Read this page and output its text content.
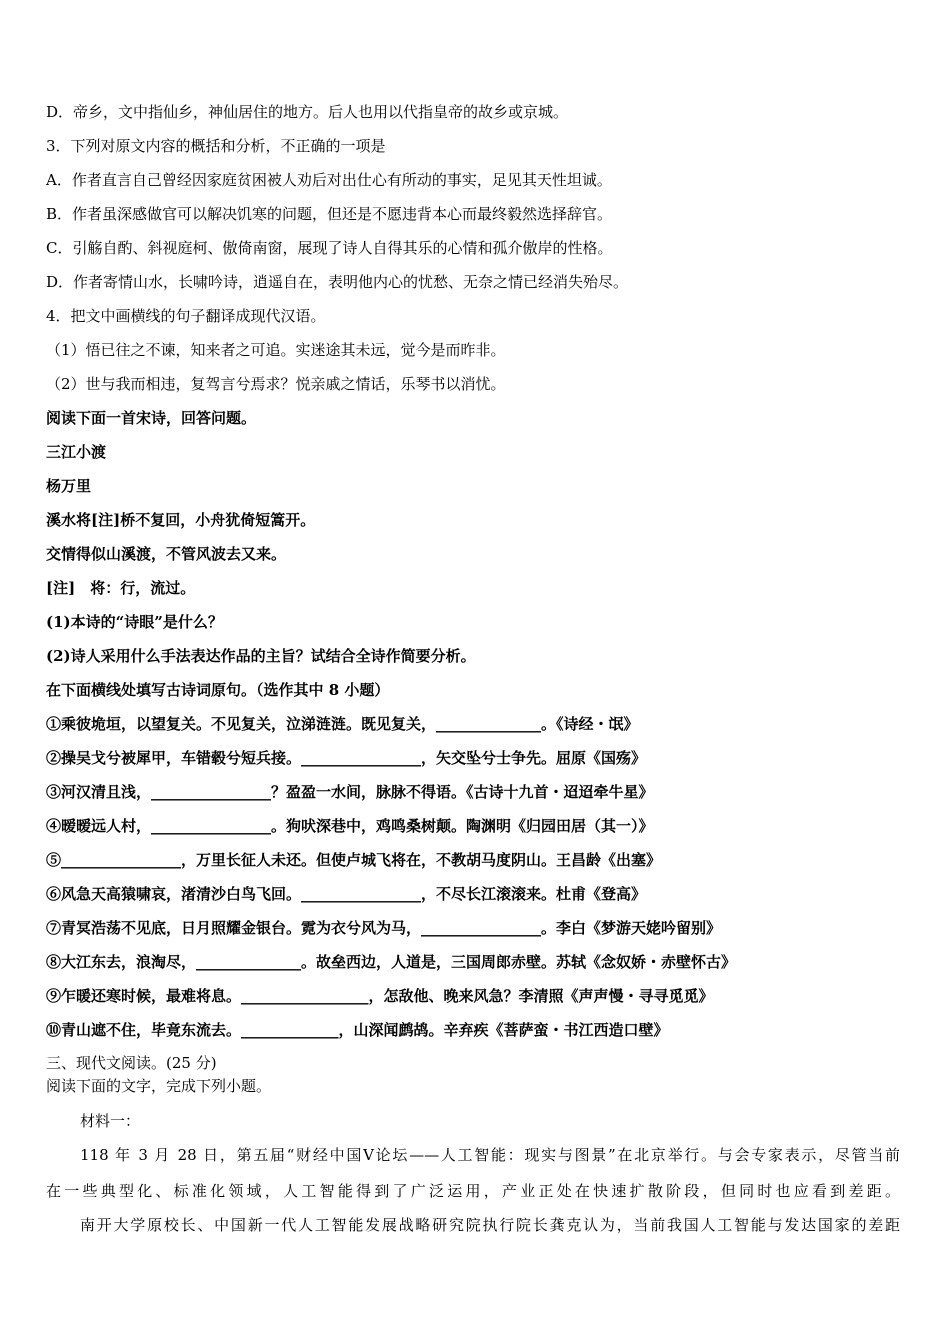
D．帝乡，文中指仙乡，神仙居住的地方。后人也用以代指皇帝的故乡或京城。
3．下列对原文内容的概括和分析，不正确的一项是
A．作者直言自己曾经因家庭贫困被人劝后对出仕心有所动的事实，足见其天性坦诚。
B．作者虽深感做官可以解决饥寒的问题，但还是不愿违背本心而最终毅然选择辞官。
C．引觞自酌、斜视庭柯、傲倚南窗，展现了诗人自得其乐的心情和孤介傲岸的性格。
D．作者寄情山水，长啸吟诗，逍遥自在，表明他内心的忧愁、无奈之情已经消失殆尽。
4．把文中画横线的句子翻译成现代汉语。
（1）悟已往之不谏，知来者之可追。实迷途其未远，觉今是而昨非。
（2）世与我而相违，复驾言兮焉求？悦亲戚之情话，乐琴书以消忧。
阅读下面一首宋诗，回答问题。
三江小渡
杨万里
溪水将[注]桥不复回，小舟犹倚短篙开。
交情得似山溪渡，不管风波去又来。
[注]　将：行，流过。
(1)本诗的“诗眼”是什么？
(2)诗人采用什么手法表达作品的主旨？试结合全诗作简要分析。
在下面横线处填写古诗词原句。（选作其中 8 小题）
①乘彼垝垣，以望复关。不见复关，泣涕涟涟。既见复关，______________。《诗经・氓》
②操吴戈兮被犀甲，车错毂兮短兵接。________________，矢交坠兮士争先。屈原《国殇》
③河汉清且浅，________________？盈盈一水间，脉脉不得语。《古诗十九首・迢迢牵牛星》
④暧暧远人村，________________。狗吠深巷中，鸡鸣桑树颠。陶渊明《归园田居（其一）》
⑤________________，万里长征人未还。但使卢城飞将在，不教胡马度阴山。王昌龄《出塞》
⑥风急天高猿啸哀，渚清沙白鸟飞回。________________，不尽长江滚滚来。杜甫《登高》
⑦青冥浩荡不见底，日月照耀金银台。霓为衣兮风为马，________________。李白《梦游天姥吟留别》
⑧大江东去，浪淘尽，______________。故垒西边，人道是，三国周郎赤壁。苏轼《念奴娇・赤壁怀古》
⑨乍暖还寒时候，最难将息。_________________，怎敌他、晚来风急？李清照《声声慢・寻寻觅觅》
⑩青山遮不住，毕竟东流去。_____________，山深闻鹧鸪。辛弃疾《菩萨蛮・书江西造口壁》
三、现代文阅读。(25 分)
阅读下面的文字，完成下列小题。
材料一：
118 年 3 月 28 日，第五届“财经中国Ⅴ论坛——人工智能：现实与图景”在北京举行。与会专家表示，尽管当前
在一些典型化、标准化领域，人工智能得到了广泛运用，产业正处在快速扩散阶段，但同时也应看到差距。
南开大学原校长、中国新一代人工智能发展战略研究院执行院长龚克认为，当前我国人工智能与发达国家的差距
